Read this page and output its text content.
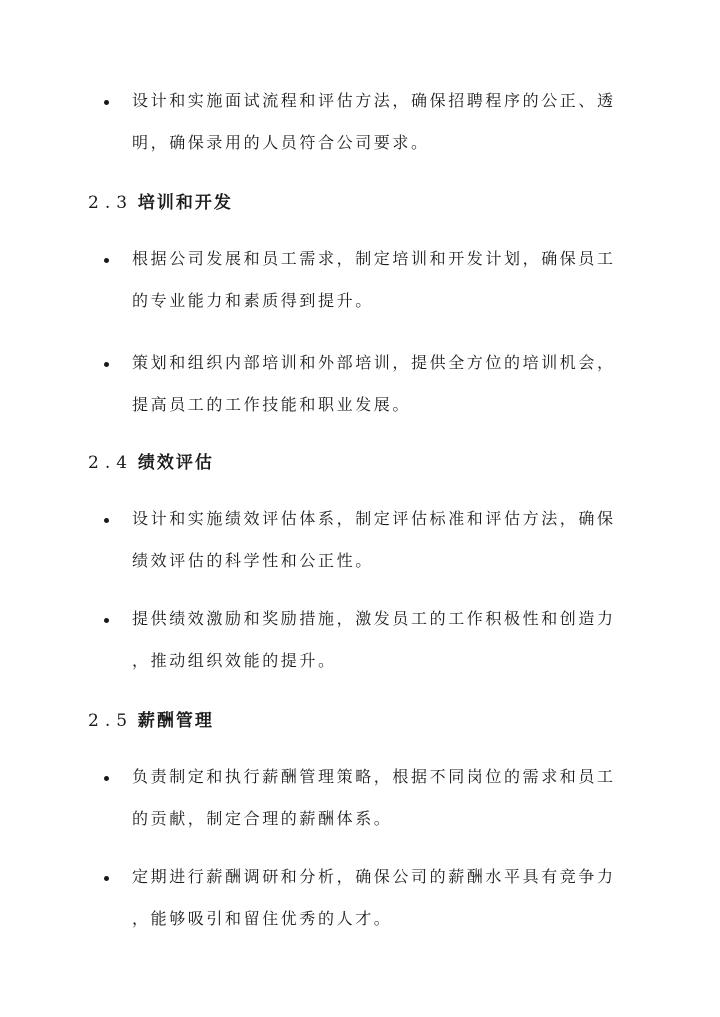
设计和实施面试流程和评估方法，确保招聘程序的公正、透
明，确保录用的人员符合公司要求。
2.3 培训和开发
根据公司发展和员工需求，制定培训和开发计划，确保员工
的专业能力和素质得到提升。
策划和组织内部培训和外部培训，提供全方位的培训机会，
提高员工的工作技能和职业发展。
2.4 绩效评估
设计和实施绩效评估体系，制定评估标准和评估方法，确保
绩效评估的科学性和公正性。
提供绩效激励和奖励措施，激发员工的工作积极性和创造力
，推动组织效能的提升。
2.5 薪酬管理
负责制定和执行薪酬管理策略，根据不同岗位的需求和员工
的贡献，制定合理的薪酬体系。
定期进行薪酬调研和分析，确保公司的薪酬水平具有竞争力
，能够吸引和留住优秀的人才。
